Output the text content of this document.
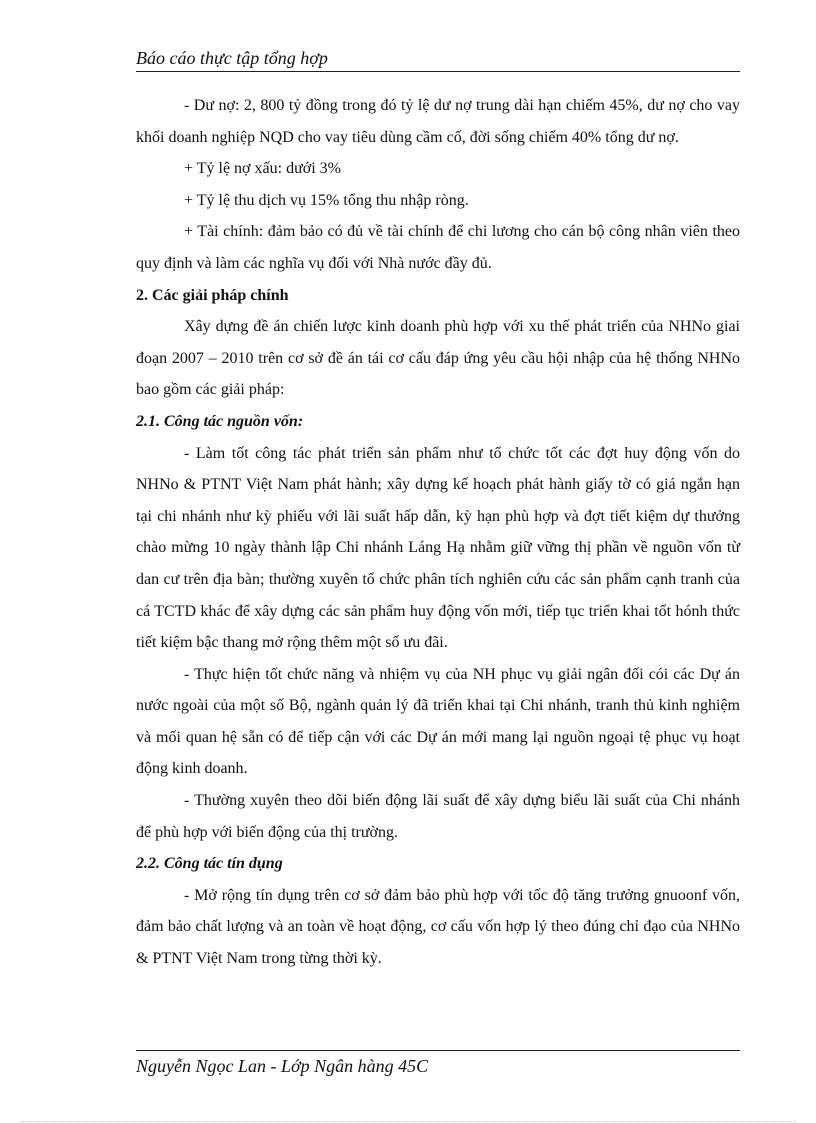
Báo cáo thực tập tổng hợp

- Dư nợ: 2, 800 tỷ đồng trong đó tỷ lệ dư nợ trung dài hạn chiếm 45%, dư nợ cho vay khối doanh nghiệp NQD cho vay tiêu dùng cầm cố, đời sống chiếm 40% tổng dư nợ.

+ Tỷ lệ nợ xấu: dưới 3%

+ Tỷ lệ thu dịch vụ 15% tổng thu nhập ròng.

+ Tài chính: đảm bảo có đủ về tài chính để chi lương cho cán bộ công nhân viên theo quy định và làm các nghĩa vụ đối với Nhà nước đầy đủ.

2. Các giải pháp chính

Xây dựng đề án chiến lược kinh doanh phù hợp với xu thế phát triển của NHNo giai đoạn 2007 – 2010 trên cơ sở đề án tái cơ cấu đáp ứng yêu cầu hội nhập của hệ thống NHNo bao gồm các giải pháp:

2.1. Công tác nguồn vốn:

- Làm tốt công tác phát triển sản phẩm như tổ chức tốt các đợt huy động vốn do NHNo & PTNT Việt Nam phát hành; xây dựng kế hoạch phát hành giấy tờ có giá ngắn hạn tại chi nhánh như kỳ phiếu với lãi suất hấp dẫn, kỳ hạn phù hợp và đợt tiết kiệm dự thưởng chào mừng 10 ngày thành lập Chi nhánh Láng Hạ nhằm giữ vững thị phần về nguồn vốn từ dan cư trên địa bàn; thường xuyên tổ chức phân tích nghiên cứu các sản phẩm cạnh tranh của cá TCTD khác để xây dựng các sản phẩm huy động vốn mới, tiếp tục triển khai tốt hónh thức tiết kiệm bậc thang mở rộng thêm một số ưu đãi.

- Thực hiện tốt chức năng và nhiệm vụ của NH phục vụ giải ngân đối cói các Dự án nước ngoài của một số Bộ, ngành quản lý đã triển khai tại Chi nhánh, tranh thủ kinh nghiệm và mối quan hệ sẵn có để tiếp cận với các Dự án mới mang lại nguồn ngoại tệ phục vụ hoạt động kinh doanh.

- Thường xuyên theo dõi biến động lãi suất để xây dựng biểu lãi suất của Chi nhánh để phù hợp với biến động của thị trường.

2.2. Công tác tín dụng

- Mở rộng tín dụng trên cơ sở đảm bảo phù hợp với tốc độ tăng trưởng gnuoonf vốn, đảm bảo chất lượng và an toàn về hoạt động, cơ cấu vốn hợp lý theo đúng chỉ đạo của NHNo & PTNT Việt Nam trong từng thời kỳ.

Nguyễn Ngọc Lan - Lớp Ngân hàng 45C
